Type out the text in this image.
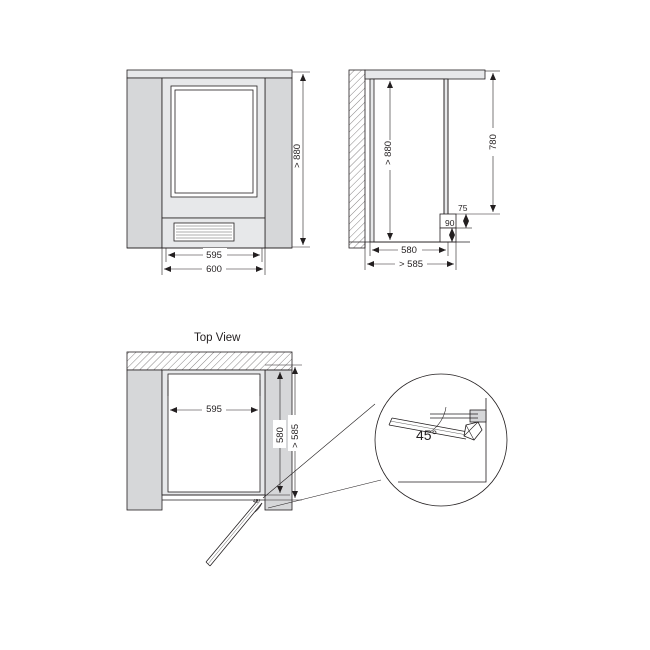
> 880
595
600
> 880	780
75
90
580
> 585
Top View
45°
595
580 > 585	45°
